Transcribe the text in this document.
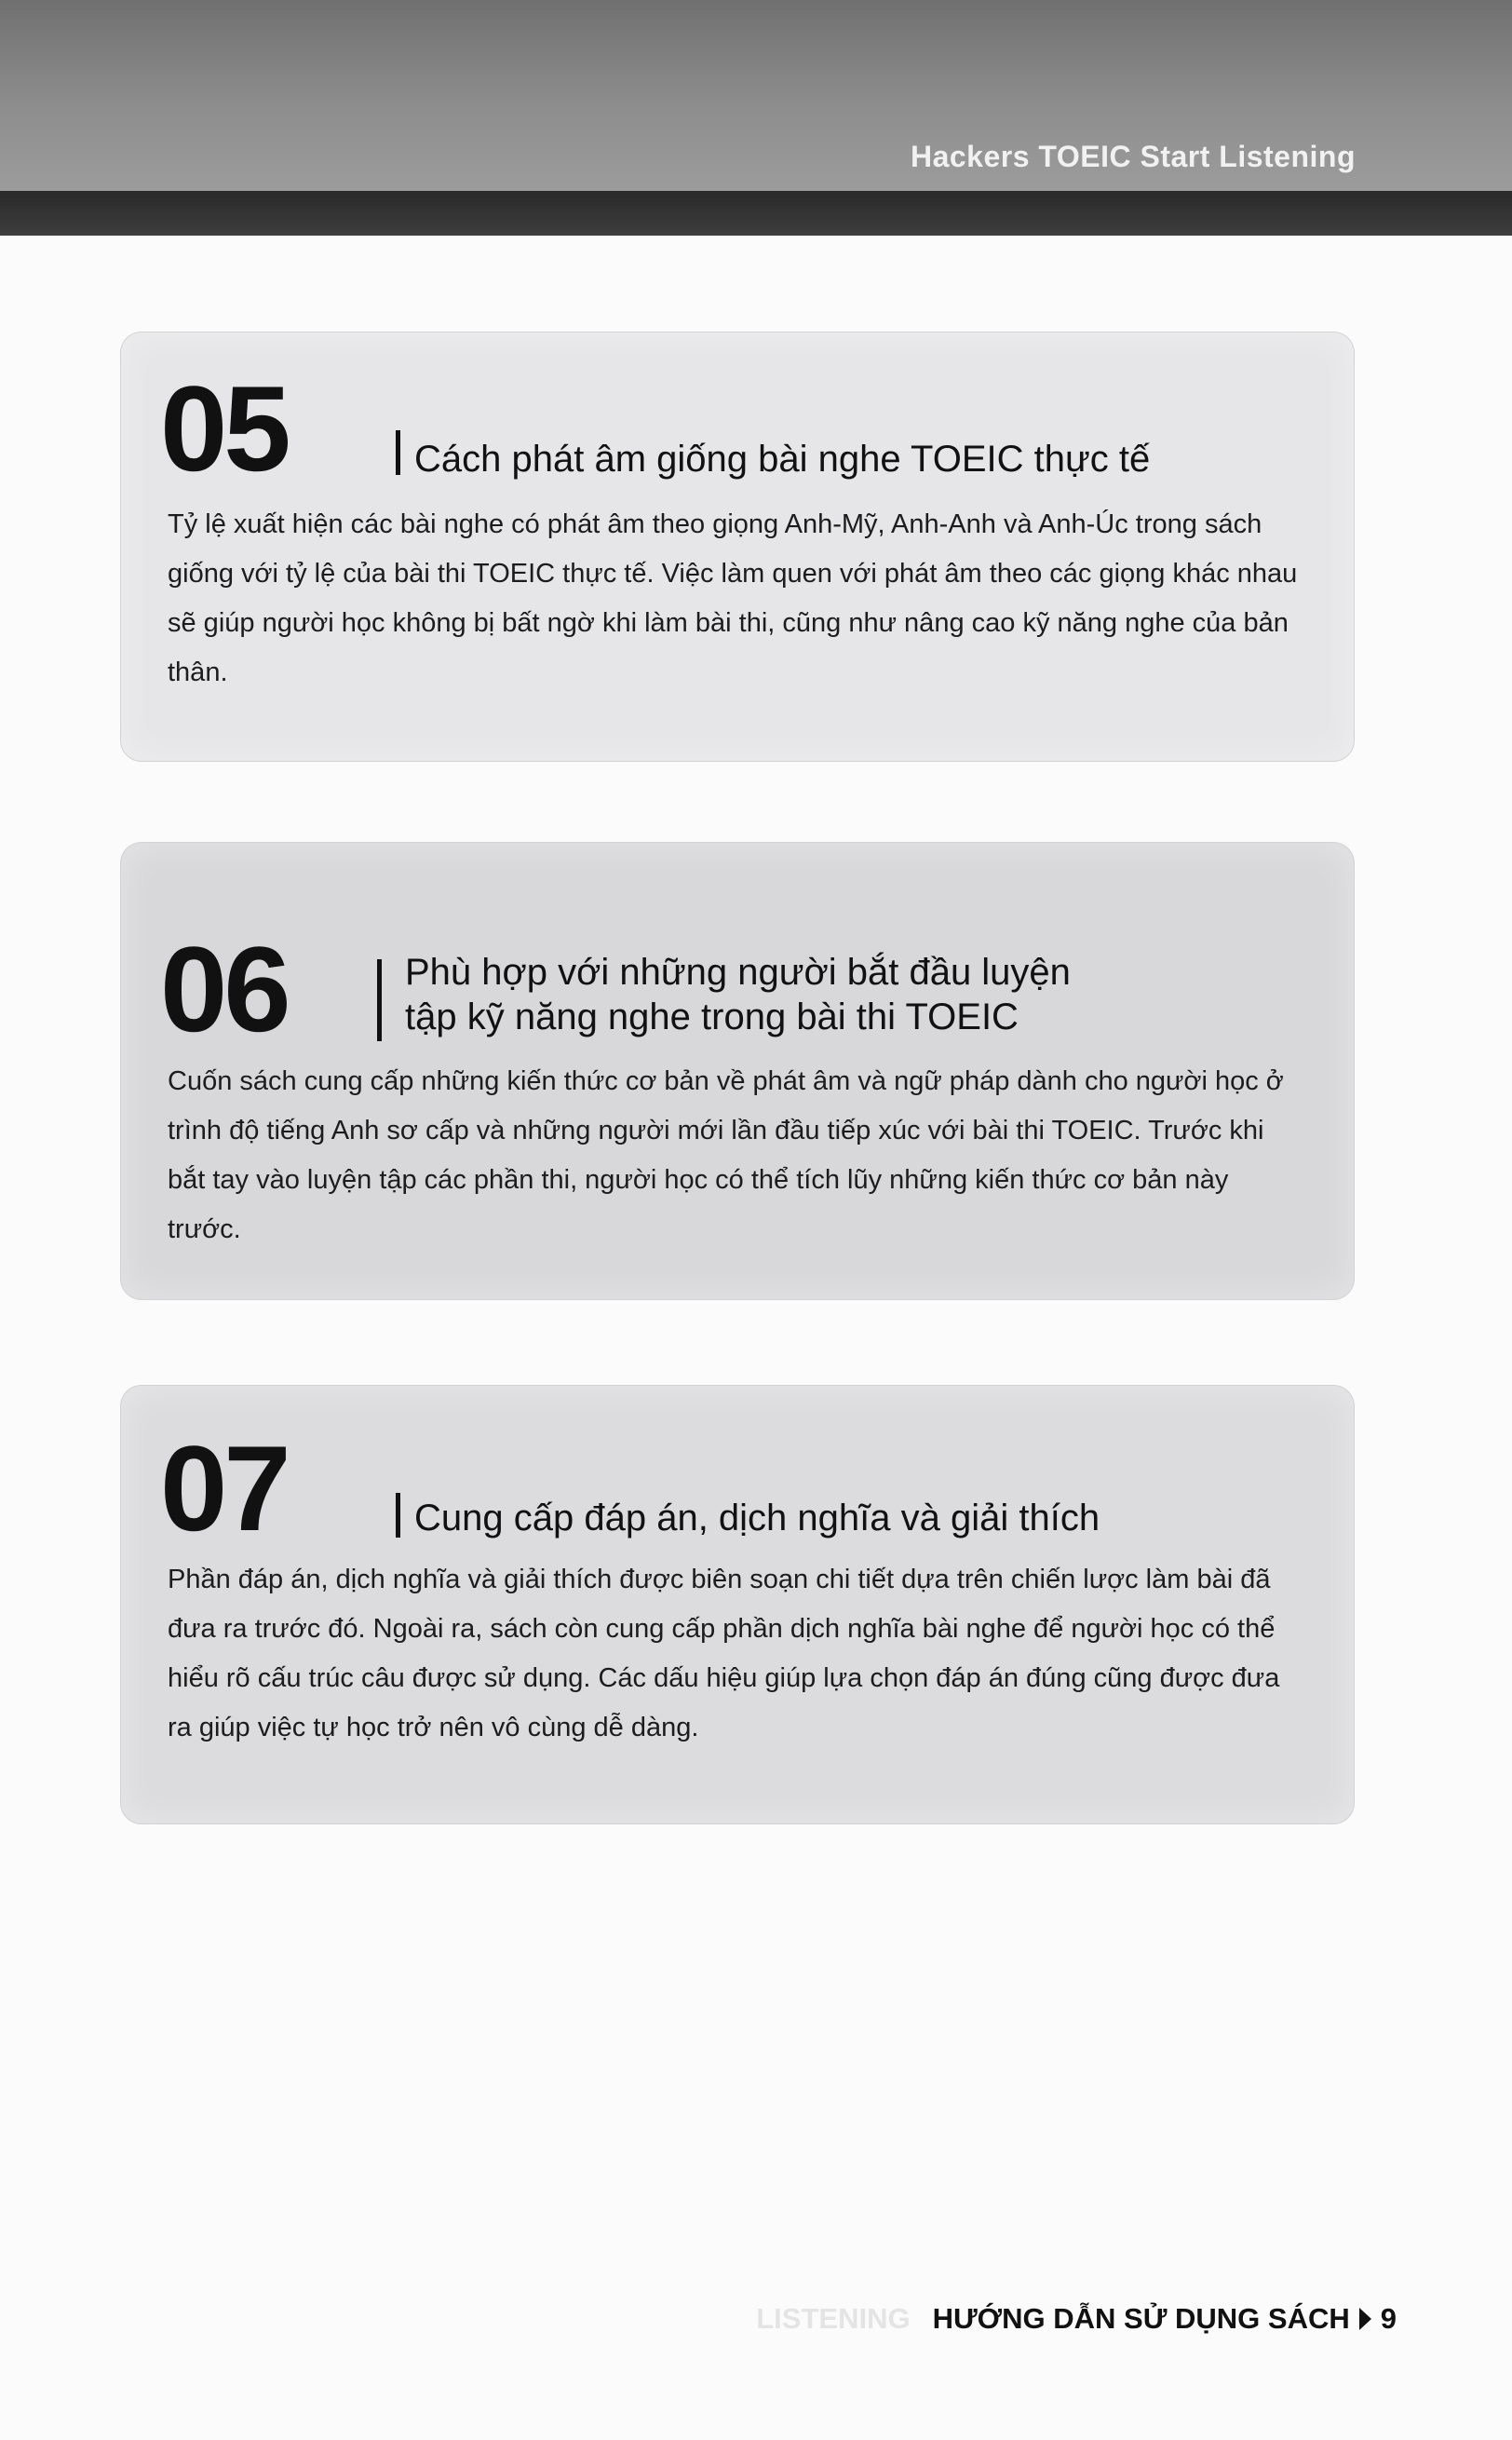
Hackers TOEIC Start Listening
05	Cách phát âm giống bài nghe TOEIC thực tế
Tỷ lệ xuất hiện các bài nghe có phát âm theo giọng Anh-Mỹ, Anh-Anh và Anh-Úc trong sách giống với tỷ lệ của bài thi TOEIC thực tế. Việc làm quen với phát âm theo các giọng khác nhau sẽ giúp người học không bị bất ngờ khi làm bài thi, cũng như nâng cao kỹ năng nghe của bản thân.
06	Phù hợp với những người bắt đầu luyện tập kỹ năng nghe trong bài thi TOEIC
Cuốn sách cung cấp những kiến thức cơ bản về phát âm và ngữ pháp dành cho người học ở trình độ tiếng Anh sơ cấp và những người mới lần đầu tiếp xúc với bài thi TOEIC. Trước khi bắt tay vào luyện tập các phần thi, người học có thể tích lũy những kiến thức cơ bản này trước.
07	Cung cấp đáp án, dịch nghĩa và giải thích
Phần đáp án, dịch nghĩa và giải thích được biên soạn chi tiết dựa trên chiến lược làm bài đã đưa ra trước đó. Ngoài ra, sách còn cung cấp phần dịch nghĩa bài nghe để người học có thể hiểu rõ cấu trúc câu được sử dụng. Các dấu hiệu giúp lựa chọn đáp án đúng cũng được đưa ra giúp việc tự học trở nên vô cùng dễ dàng.
LISTENING HƯỚNG DẪN SỬ DỤNG SÁCH 9
